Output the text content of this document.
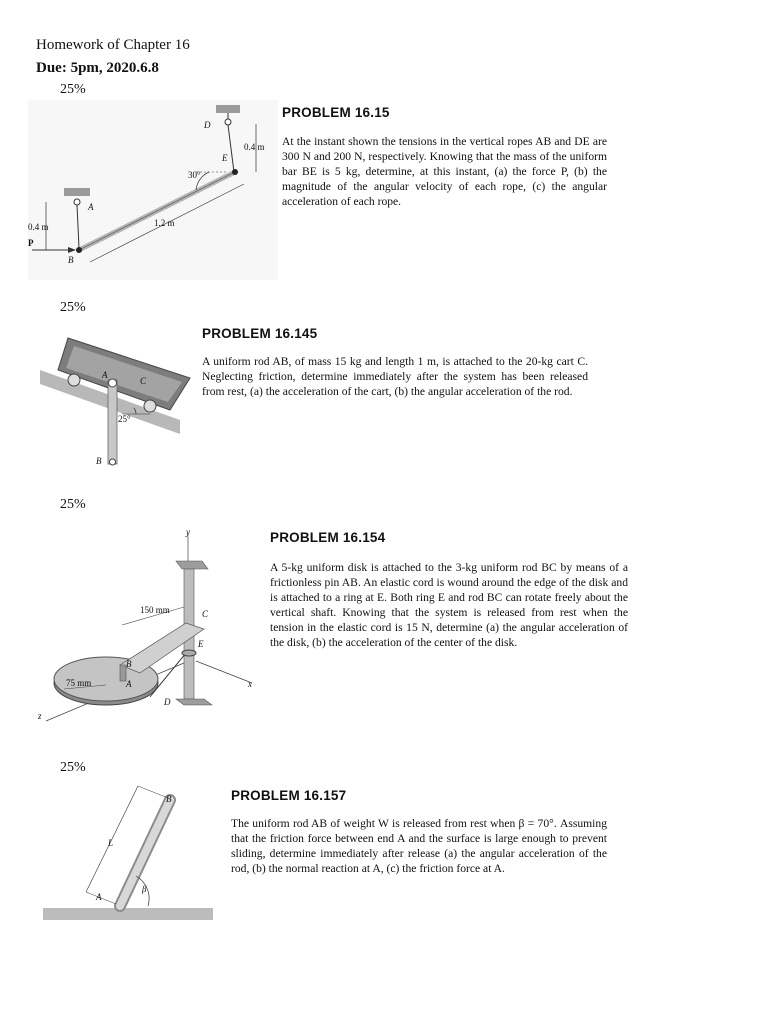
Homework of Chapter 16
Due: 5pm, 2020.6.8
25%
D
E
0.4 m
30°
A
0.4 m	1.2 m
P
B
PROBLEM 16.15
At the instant shown the tensions in the vertical ropes AB and DE are 300 N and 200 N, respectively. Knowing that the mass of the uniform bar BE is 5 kg, determine, at this instant, (a) the force P, (b) the magnitude of the angular velocity of each rope, (c) the angular acceleration of each rope.
25%
A
C
25°
B
PROBLEM 16.145
A uniform rod AB, of mass 15 kg and length 1 m, is attached to the 20-kg cart C. Neglecting friction, determine immediately after the system has been released from rest, (a) the acceleration of the cart, (b) the angular acceleration of the rod.
25%
y
150 mm	C
E
B
75 mm	A
D
x
z
PROBLEM 16.154
A 5-kg uniform disk is attached to the 3-kg uniform rod BC by means of a frictionless pin AB. An elastic cord is wound around the edge of the disk and is attached to a ring at E. Both ring E and rod BC can rotate freely about the vertical shaft. Knowing that the system is released from rest when the tension in the elastic cord is 15 N, determine (a) the angular acceleration of the disk, (b) the acceleration of the center of the disk.
25%
B
L
β
A
PROBLEM 16.157
The uniform rod AB of weight W is released from rest when β = 70°. Assuming that the friction force between end A and the surface is large enough to prevent sliding, determine immediately after release (a) the angular acceleration of the rod, (b) the normal reaction at A, (c) the friction force at A.
